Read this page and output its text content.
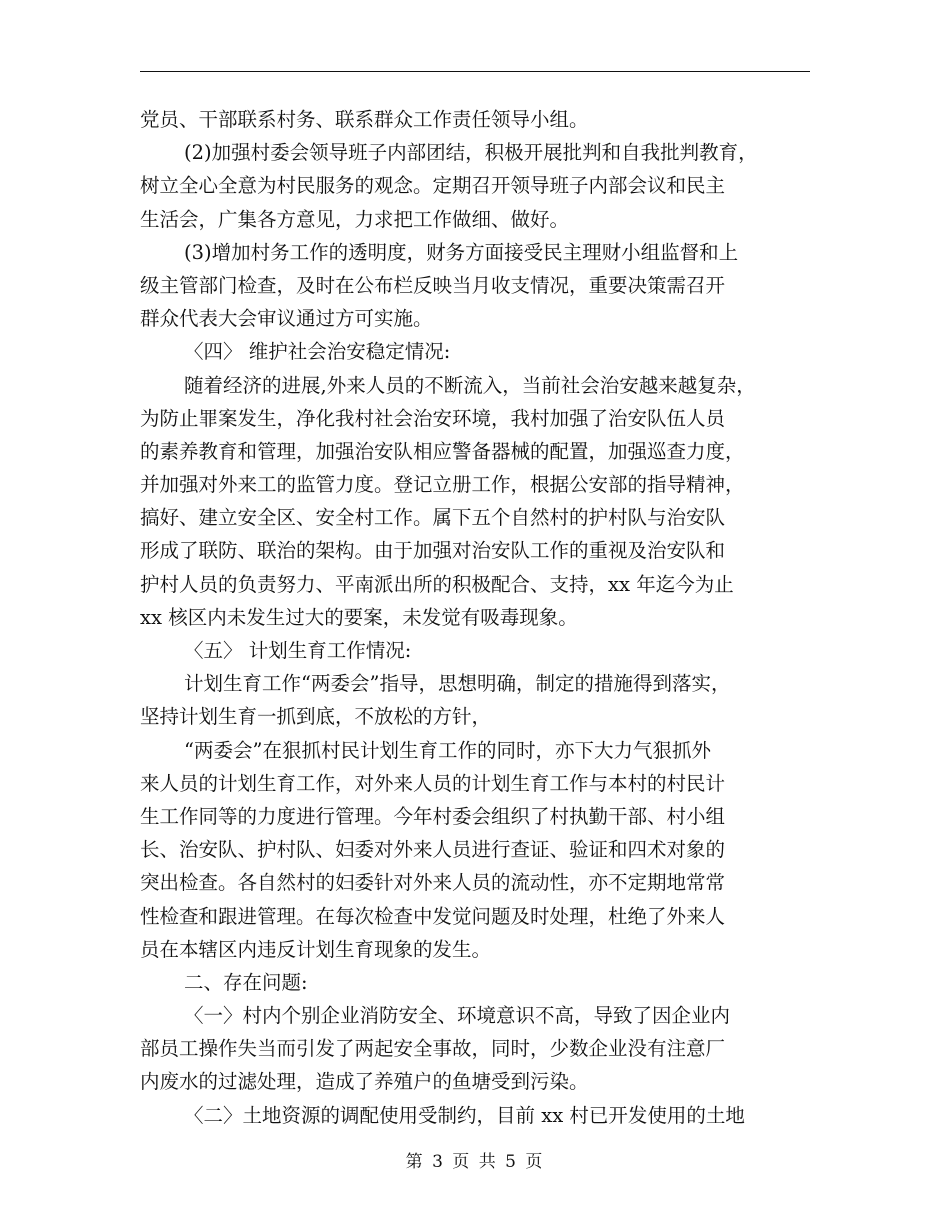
党员、干部联系村务、联系群众工作责任领导小组。
(2)加强村委会领导班子内部团结，积极开展批判和自我批判教育，
树立全心全意为村民服务的观念。定期召开领导班子内部会议和民主
生活会，广集各方意见，力求把工作做细、做好。
(3)增加村务工作的透明度，财务方面接受民主理财小组监督和上
级主管部门检查，及时在公布栏反映当月收支情况，重要决策需召开
群众代表大会审议通过方可实施。
〈四〉 维护社会治安稳定情况:
随着经济的进展,外来人员的不断流入，当前社会治安越来越复杂，
为防止罪案发生，净化我村社会治安环境，我村加强了治安队伍人员
的素养教育和管理，加强治安队相应警备器械的配置，加强巡查力度，
并加强对外来工的监管力度。登记立册工作，根据公安部的指导精神，
搞好、建立安全区、安全村工作。属下五个自然村的护村队与治安队
形成了联防、联治的架构。由于加强对治安队工作的重视及治安队和
护村人员的负责努力、平南派出所的积极配合、支持，xx 年迄今为止
xx 核区内未发生过大的要案，未发觉有吸毒现象。
〈五〉 计划生育工作情况:
计划生育工作“两委会”指导，思想明确，制定的措施得到落实，
坚持计划生育一抓到底，不放松的方针，
“两委会”在狠抓村民计划生育工作的同时，亦下大力气狠抓外
来人员的计划生育工作，对外来人员的计划生育工作与本村的村民计
生工作同等的力度进行管理。今年村委会组织了村执勤干部、村小组
长、治安队、护村队、妇委对外来人员进行查证、验证和四术对象的
突出检查。各自然村的妇委针对外来人员的流动性，亦不定期地常常
性检查和跟进管理。在每次检查中发觉问题及时处理，杜绝了外来人
员在本辖区内违反计划生育现象的发生。
二、存在问题:
〈一〉村内个别企业消防安全、环境意识不高，导致了因企业内
部员工操作失当而引发了两起安全事故，同时，少数企业没有注意厂
内废水的过滤处理，造成了养殖户的鱼塘受到污染。
〈二〉土地资源的调配使用受制约，目前 xx 村已开发使用的土地
第 3 页 共 5 页
